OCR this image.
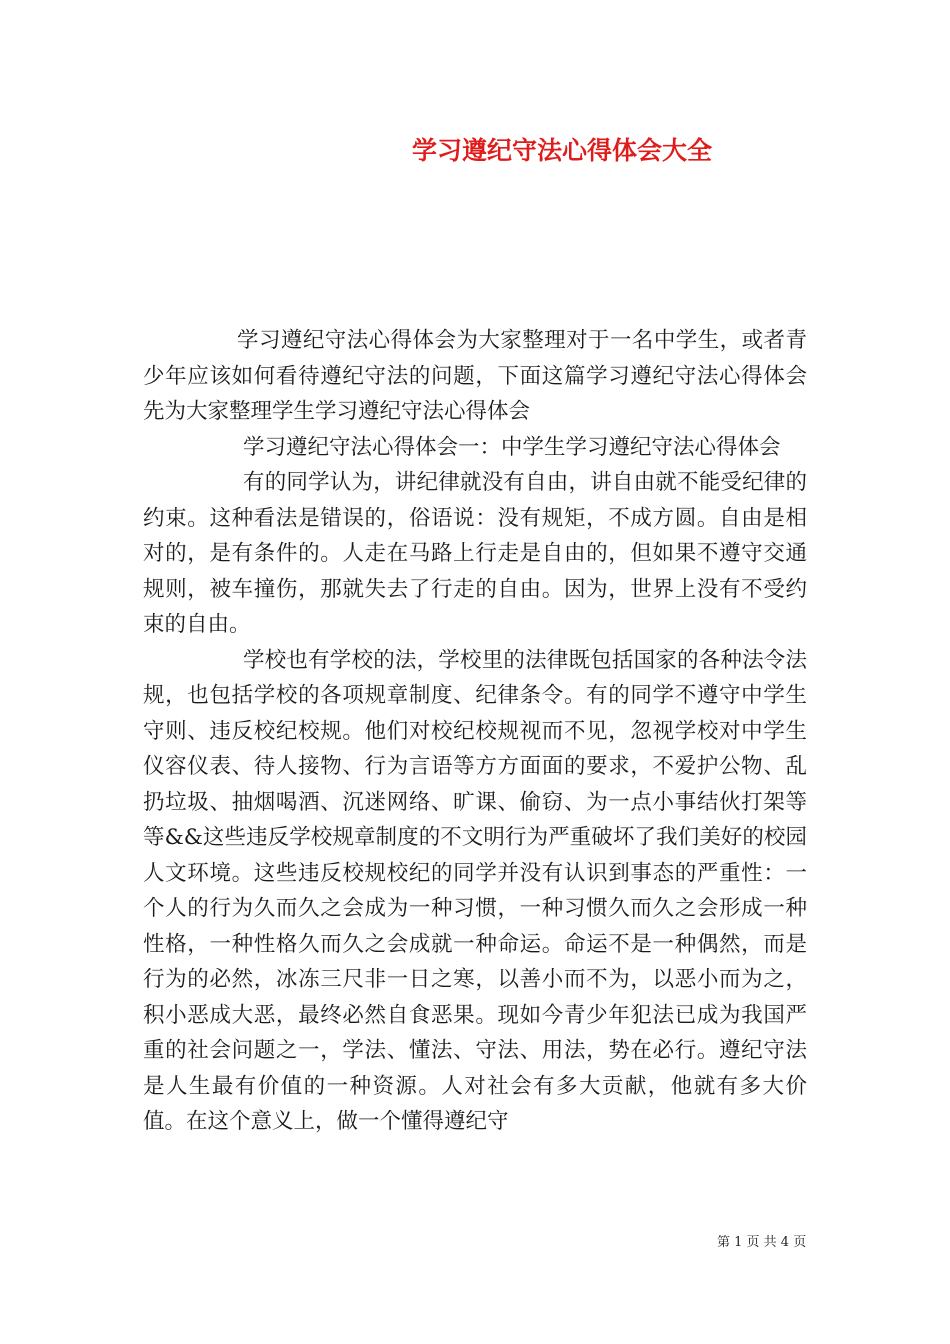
学习遵纪守法心得体会大全

学习遵纪守法心得体会为大家整理对于一名中学生，或者青少年应该如何看待遵纪守法的问题，下面这篇学习遵纪守法心得体会先为大家整理学生学习遵纪守法心得体会

学习遵纪守法心得体会一：中学生学习遵纪守法心得体会

有的同学认为，讲纪律就没有自由，讲自由就不能受纪律的约束。这种看法是错误的，俗语说：没有规矩，不成方圆。自由是相对的，是有条件的。人走在马路上行走是自由的，但如果不遵守交通规则，被车撞伤，那就失去了行走的自由。因为，世界上没有不受约束的自由。

学校也有学校的法，学校里的法律既包括国家的各种法令法规，也包括学校的各项规章制度、纪律条令。有的同学不遵守中学生守则、违反校纪校规。他们对校纪校规视而不见，忽视学校对中学生仪容仪表、待人接物、行为言语等方方面面的要求，不爱护公物、乱扔垃圾、抽烟喝酒、沉迷网络、旷课、偷窃、为一点小事结伙打架等等&&这些违反学校规章制度的不文明行为严重破坏了我们美好的校园人文环境。这些违反校规校纪的同学并没有认识到事态的严重性：一个人的行为久而久之会成为一种习惯，一种习惯久而久之会形成一种性格，一种性格久而久之会成就一种命运。命运不是一种偶然，而是行为的必然，冰冻三尺非一日之寒，以善小而不为，以恶小而为之，积小恶成大恶，最终必然自食恶果。现如今青少年犯法已成为我国严重的社会问题之一，学法、懂法、守法、用法，势在必行。遵纪守法是人生最有价值的一种资源。人对社会有多大贡献，他就有多大价值。在这个意义上，做一个懂得遵纪守

第 1 页 共 4 页
